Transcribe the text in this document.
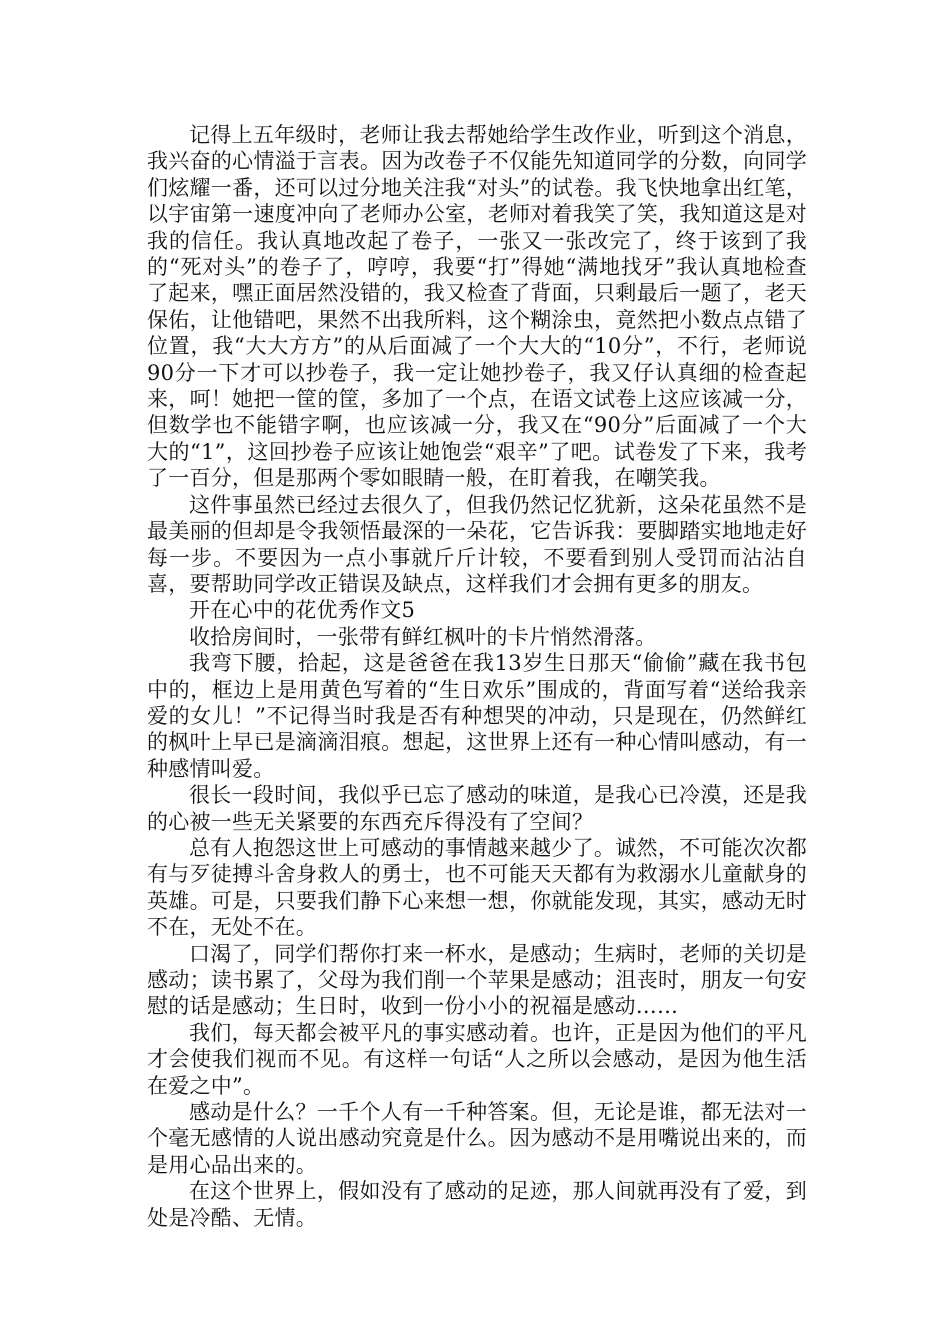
记得上五年级时，老师让我去帮她给学生改作业，听到这个消息，我兴奋的心情溢于言表。因为改卷子不仅能先知道同学的分数，向同学们炫耀一番，还可以过分地关注我“对头”的试卷。我飞快地拿出红笔，以宇宙第一速度冲向了老师办公室，老师对着我笑了笑，我知道这是对我的信任。我认真地改起了卷子，一张又一张改完了，终于该到了我的“死对头”的卷子了，哼哼，我要“打”得她“满地找牙”我认真地检查了起来，嘿正面居然没错的，我又检查了背面，只剩最后一题了，老天保佑，让他错吧，果然不出我所料，这个糊涂虫，竟然把小数点点错了位置，我“大大方方”的从后面减了一个大大的“10分”，不行，老师说90分一下才可以抄卷子，我一定让她抄卷子，我又仔认真细的检查起来，呵！她把一筐的筐，多加了一个点，在语文试卷上这应该减一分，但数学也不能错字啊，也应该减一分，我又在“90分”后面减了一个大大的“1”，这回抄卷子应该让她饱尝“艰辛”了吧。试卷发了下来，我考了一百分，但是那两个零如眼睛一般，在盯着我，在嘲笑我。

这件事虽然已经过去很久了，但我仍然记忆犹新，这朵花虽然不是最美丽的但却是令我领悟最深的一朵花，它告诉我：要脚踏实地地走好每一步。不要因为一点小事就斤斤计较，不要看到别人受罚而沾沾自喜，要帮助同学改正错误及缺点，这样我们才会拥有更多的朋友。

开在心中的花优秀作文5

收拾房间时，一张带有鲜红枫叶的卡片悄然滑落。

我弯下腰，拾起，这是爸爸在我13岁生日那天“偷偷”藏在我书包中的，框边上是用黄色写着的“生日欢乐”围成的，背面写着“送给我亲爱的女儿！”不记得当时我是否有种想哭的冲动，只是现在，仍然鲜红的枫叶上早已是滴滴泪痕。想起，这世界上还有一种心情叫感动，有一种感情叫爱。

很长一段时间，我似乎已忘了感动的味道，是我心已冷漠，还是我的心被一些无关紧要的东西充斥得没有了空间？

总有人抱怨这世上可感动的事情越来越少了。诚然，不可能次次都有与歹徒搏斗舍身救人的勇士，也不可能天天都有为救溺水儿童献身的英雄。可是，只要我们静下心来想一想，你就能发现，其实，感动无时不在，无处不在。

口渴了，同学们帮你打来一杯水，是感动；生病时，老师的关切是感动；读书累了，父母为我们削一个苹果是感动；沮丧时，朋友一句安慰的话是感动；生日时，收到一份小小的祝福是感动……

我们，每天都会被平凡的事实感动着。也许，正是因为他们的平凡才会使我们视而不见。有这样一句话“人之所以会感动，是因为他生活在爱之中”。

感动是什么？一千个人有一千种答案。但，无论是谁，都无法对一个毫无感情的人说出感动究竟是什么。因为感动不是用嘴说出来的，而是用心品出来的。

在这个世界上，假如没有了感动的足迹，那人间就再没有了爱，到处是冷酷、无情。
